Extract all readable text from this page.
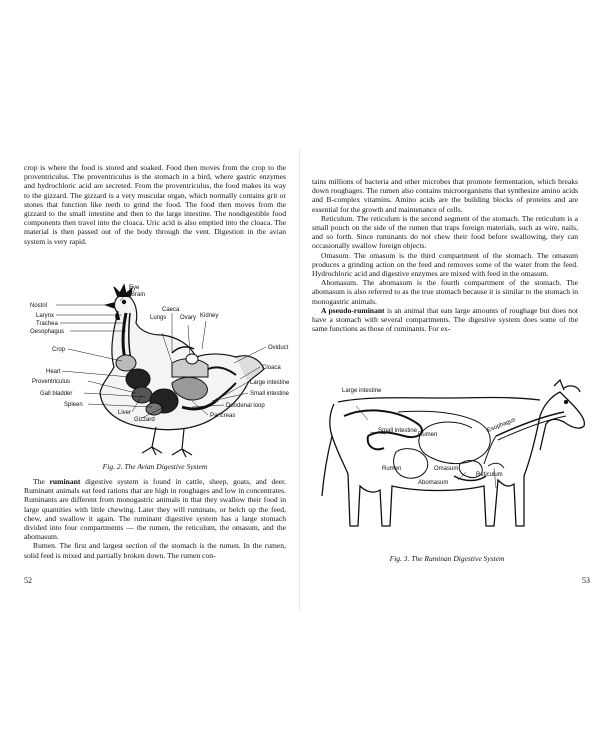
crop is where the food is stored and soaked. Food then moves from the crop to the proventriculus. The proventriculus is the stomach in a bird, where gastric enzymes and hydrochloric acid are secreted. From the proventriculus, the food makes its way to the gizzard. The gizzard is a very muscular organ, which normally contains grit or stones that function like teeth to grind the food. The food then moves from the gizzard to the small intestine and then to the large intestine. The nondigestible food components then travel into the cloaca. Uric acid is also emptied into the cloaca. The material is then passed out of the body through the vent. Digestion in the avian system is very rapid.

Eye
Brain
Nostril
Caeca
Larynx	Lungs Ovary Kidney
Trachea
Oesophagus
Crop	Oviduct
Cloaca
Heart
Large intestine
Proventriculus
Small intestine
Gall bladder
Duodenal loop
Spleen
Pancreas
Liver
Gizzard
Fig. 2. The Avian Digestive System

The ruminant digestive system is found in cattle, sheep, goats, and deer. Ruminant animals eat feed rations that are high in roughages and low in concentrates. Ruminants are different from monogastric animals in that they swallow their food in large quantities with little chewing. Later they will ruminate, or belch up the feed, chew, and swallow it again. The ruminant digestive system has a large stomach divided into four compartments — the rumen, the reticulum, the omasum, and the abomasum.

Rumen. The first and largest section of the stomach is the rumen. In the rumen, solid feed is mixed and partially broken down. The rumen con-

52

tains millions of bacteria and other microbes that promote fermentation, which breaks down roughages. The rumen also contains microorganisms that synthesize amino acids and B-complex vitamins. Amino acids are the building blocks of proteins and are essential for the growth and maintenance of cells.

Reticulum. The reticulum is the second segment of the stomach. The reticulum is a small pouch on the side of the rumen that traps foreign materials, such as wire, nails, and so forth. Since ruminants do not chew their food before swallowing, they can occasionally swallow foreign objects.

Omasum. The omasum is the third compartment of the stomach. The omasum produces a grinding action on the feed and removes some of the water from the feed. Hydrochloric acid and digestive enzymes are mixed with feed in the omasum.

Abomasum. The abomasum is the fourth compartment of the stomach. The abomasum is also referred to as the true stomach because it is similar to the stomach in monogastric animals.

A pseudo-ruminant is an animal that eats large amounts of roughage but does not have a stomach with several compartments. The digestive system does some of the same functions as those of ruminants. For ex-

Large intestine
Small intestine
Rumen
Esophagus
Rumen	Omasum
Reticulum
Abomasum
Fig. 3. The Ruminan Digestive System
53
